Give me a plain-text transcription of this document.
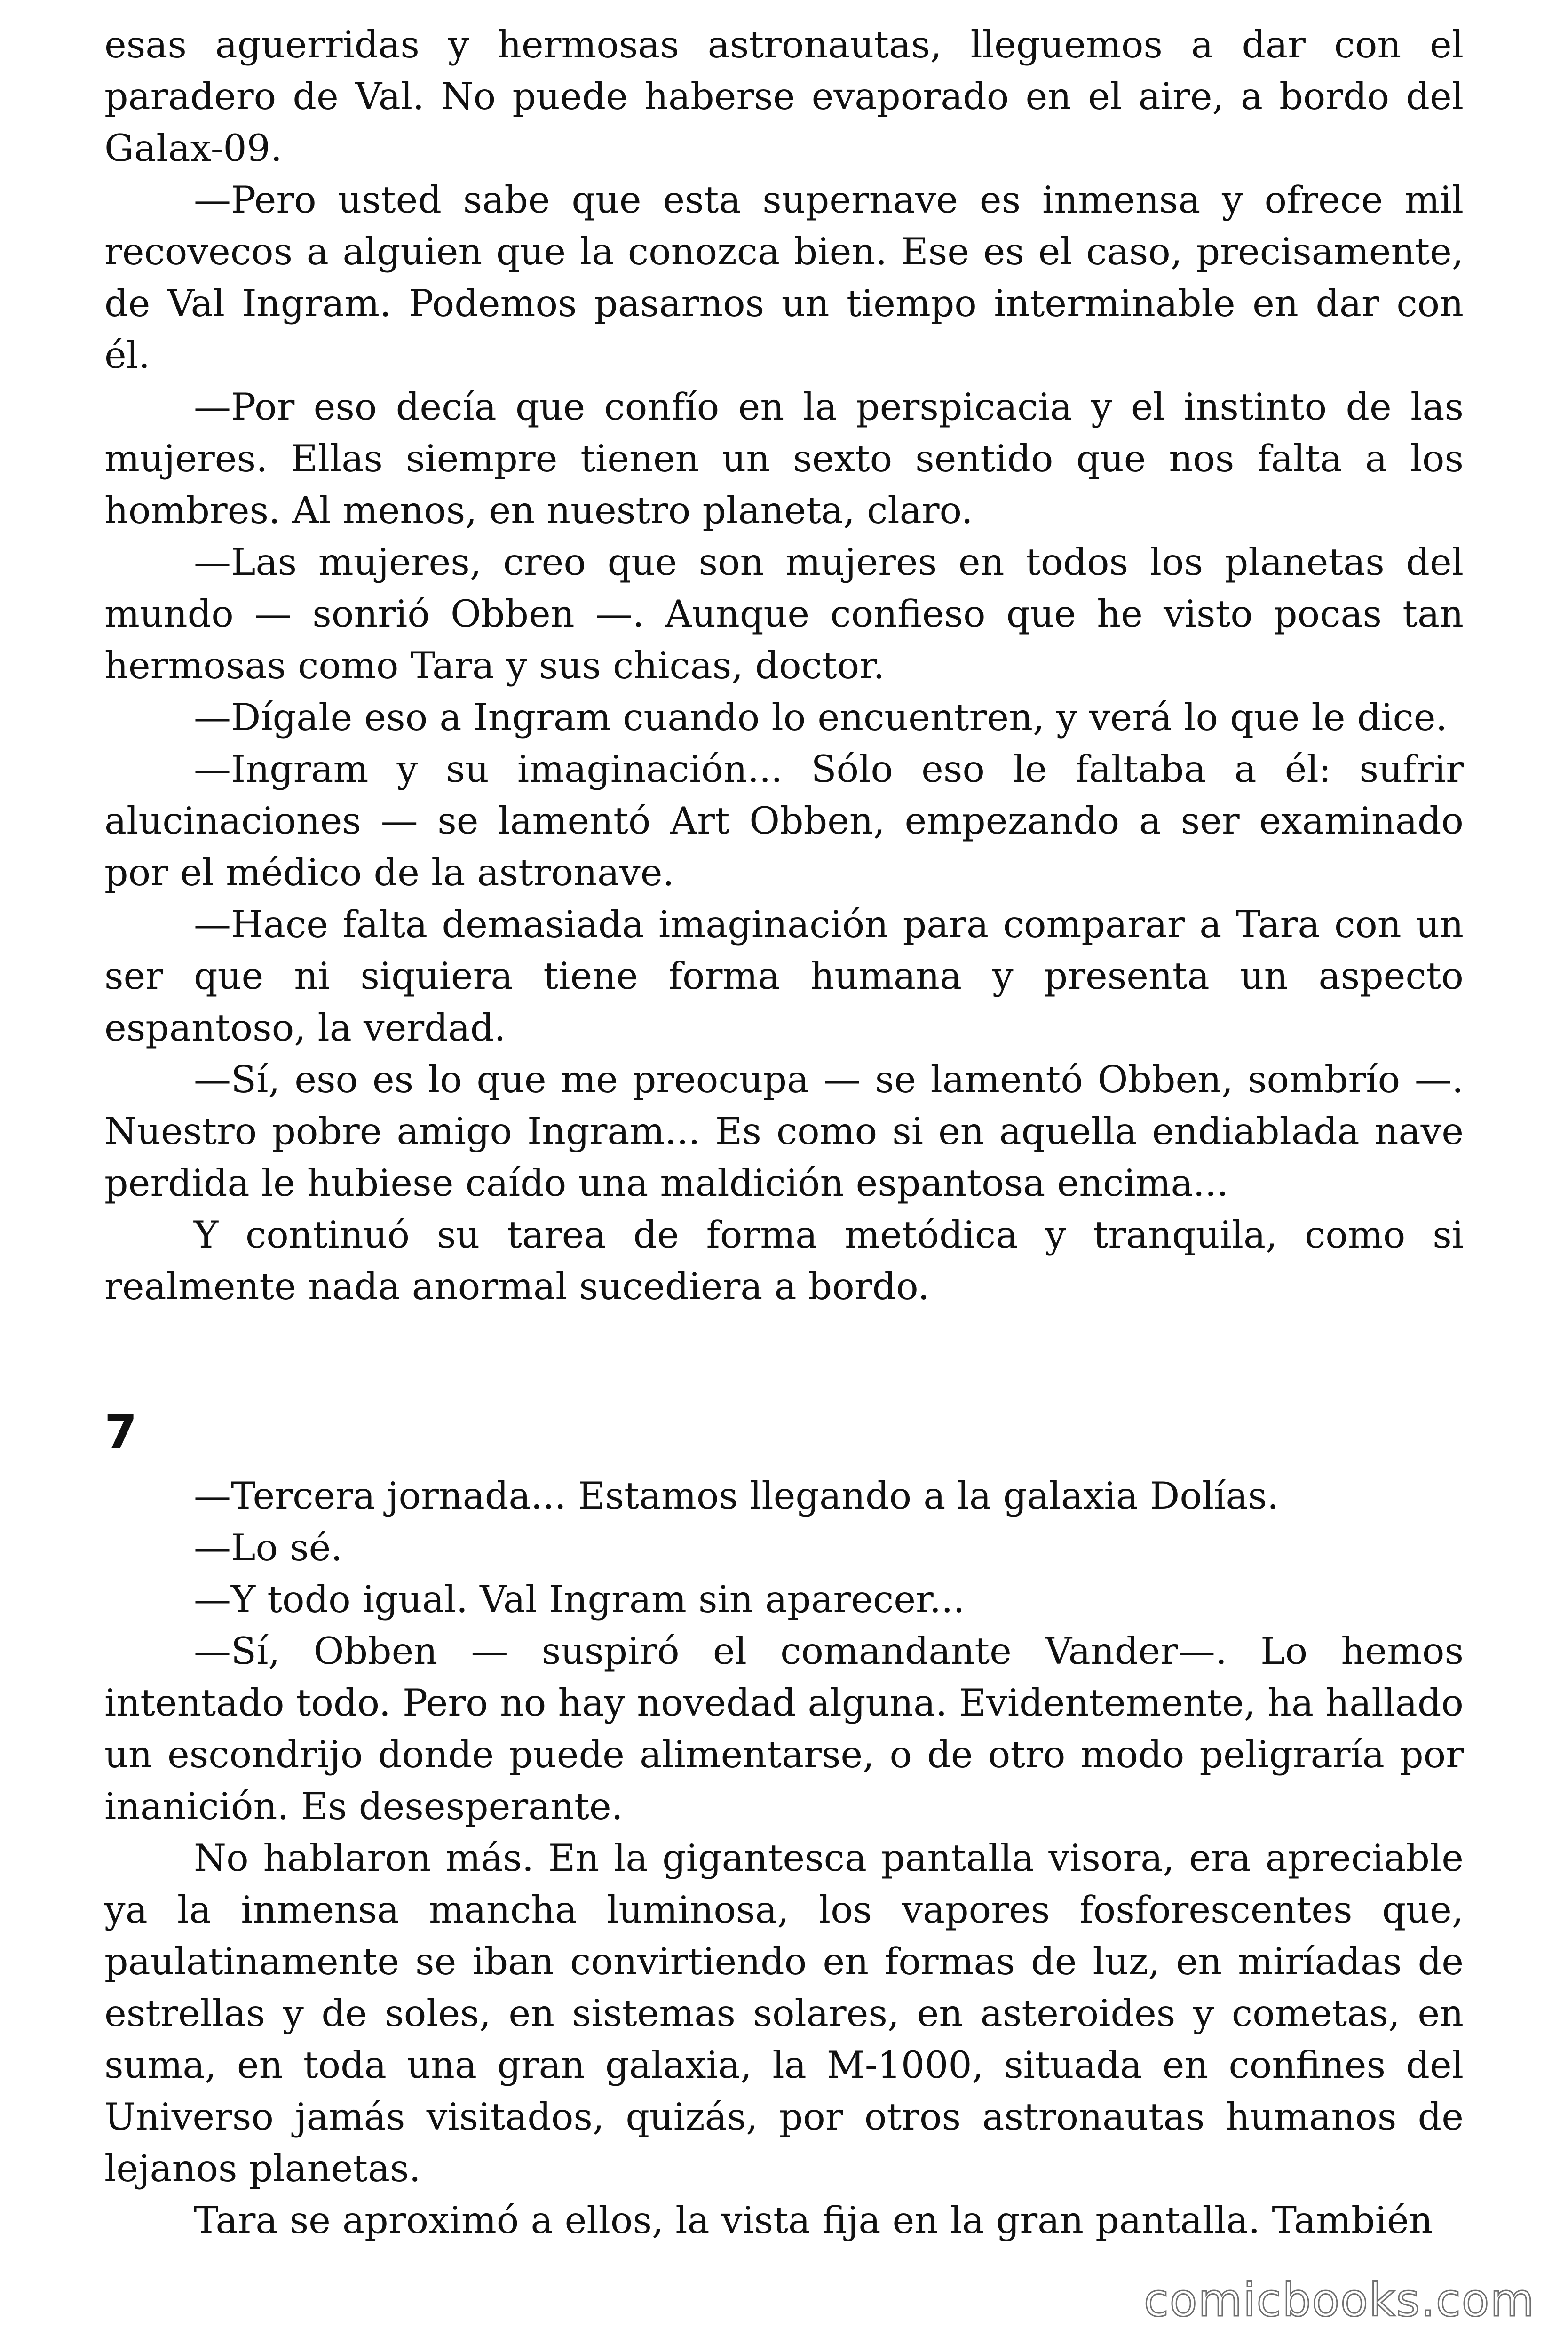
esas aguerridas y hermosas astronautas, lleguemos a dar con el paradero de Val. No puede haberse evaporado en el aire, a bordo del Galax-09.

—Pero usted sabe que esta supernave es inmensa y ofrece mil recovecos a alguien que la conozca bien. Ese es el caso, precisamente, de Val Ingram. Podemos pasarnos un tiempo interminable en dar con él.

—Por eso decía que confío en la perspicacia y el instinto de las mujeres. Ellas siempre tienen un sexto sentido que nos falta a los hombres. Al menos, en nuestro planeta, claro.

—Las mujeres, creo que son mujeres en todos los planetas del mundo — sonrió Obben —. Aunque confieso que he visto pocas tan hermosas como Tara y sus chicas, doctor.

—Dígale eso a Ingram cuando lo encuentren, y verá lo que le dice.

—Ingram y su imaginación... Sólo eso le faltaba a él: sufrir alucinaciones — se lamentó Art Obben, empezando a ser examinado por el médico de la astronave.

—Hace falta demasiada imaginación para comparar a Tara con un ser que ni siquiera tiene forma humana y presenta un aspecto espantoso, la verdad.

—Sí, eso es lo que me preocupa — se lamentó Obben, sombrío —. Nuestro pobre amigo Ingram... Es como si en aquella endiablada nave perdida le hubiese caído una maldición espantosa encima...

Y continuó su tarea de forma metódica y tranquila, como si realmente nada anormal sucediera a bordo.

7

—Tercera jornada... Estamos llegando a la galaxia Dolías.

—Lo sé.

—Y todo igual. Val Ingram sin aparecer...

—Sí, Obben — suspiró el comandante Vander—. Lo hemos intentado todo. Pero no hay novedad alguna. Evidentemente, ha hallado un escondrijo donde puede alimentarse, o de otro modo peligraría por inanición. Es desesperante.

No hablaron más. En la gigantesca pantalla visora, era apreciable ya la inmensa mancha luminosa, los vapores fosforescentes que, paulatinamente se iban convirtiendo en formas de luz, en miríadas de estrellas y de soles, en sistemas solares, en asteroides y cometas, en suma, en toda una gran galaxia, la M-1000, situada en confines del Universo jamás visitados, quizás, por otros astronautas humanos de lejanos planetas.

Tara se aproximó a ellos, la vista fija en la gran pantalla. También

comicbooks.com
